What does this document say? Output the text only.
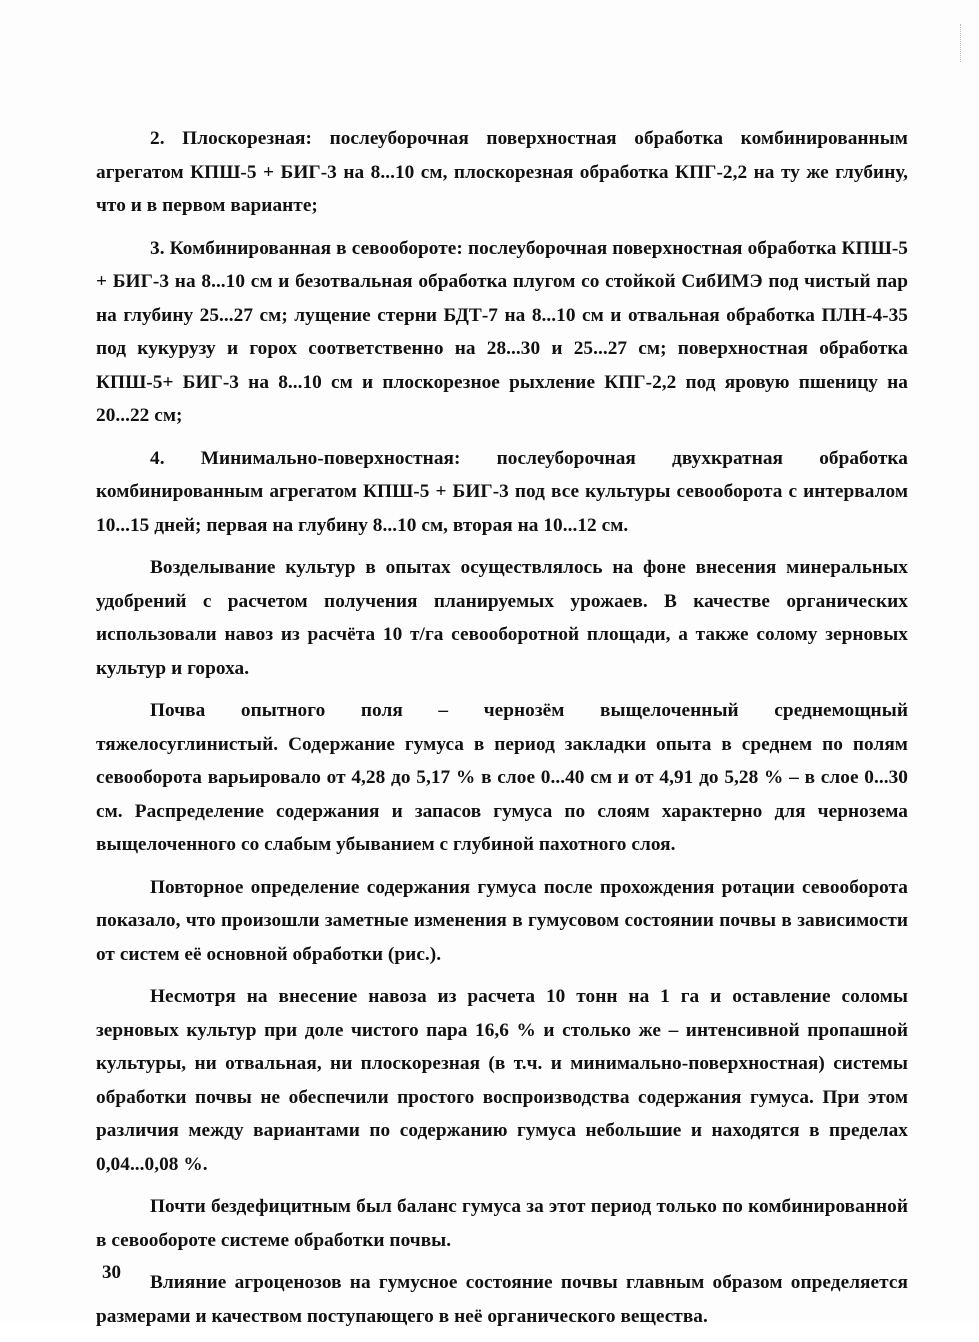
2. Плоскорезная: послеуборочная поверхностная обработка комбинированным агрегатом КПШ-5 + БИГ-3 на 8...10 см, плоскорезная обработка КПГ-2,2 на ту же глубину, что и в первом варианте;

3. Комбинированная в севообороте: послеуборочная поверхностная обработка КПШ-5 + БИГ-3 на 8...10 см и безотвальная обработка плугом со стойкой СибИМЭ под чистый пар на глубину 25...27 см; лущение стерни БДТ-7 на 8...10 см и отвальная обработка ПЛН-4-35 под кукурузу и горох соответственно на 28...30 и 25...27 см; поверхностная обработка КПШ-5+ БИГ-3 на 8...10 см и плоскорезное рыхление КПГ-2,2 под яровую пшеницу на 20...22 см;

4. Минимально-поверхностная: послеуборочная двухкратная обработка комбинированным агрегатом КПШ-5 + БИГ-3 под все культуры севооборота с интервалом 10...15 дней; первая на глубину 8...10 см, вторая на 10...12 см.

Возделывание культур в опытах осуществлялось на фоне внесения минеральных удобрений с расчетом получения планируемых урожаев. В качестве органических использовали навоз из расчёта 10 т/га севооборотной площади, а также солому зерновых культур и гороха.

Почва опытного поля – чернозём выщелоченный среднемощный тяжелосуглинистый. Содержание гумуса в период закладки опыта в среднем по полям севооборота варьировало от 4,28 до 5,17 % в слое 0...40 см и от 4,91 до 5,28 % – в слое 0...30 см. Распределение содержания и запасов гумуса по слоям характерно для чернозема выщелоченного со слабым убыванием с глубиной пахотного слоя.

Повторное определение содержания гумуса после прохождения ротации севооборота показало, что произошли заметные изменения в гумусовом состоянии почвы в зависимости от систем её основной обработки (рис.).

Несмотря на внесение навоза из расчета 10 тонн на 1 га и оставление соломы зерновых культур при доле чистого пара 16,6 % и столько же – интенсивной пропашной культуры, ни отвальная, ни плоскорезная (в т.ч. и минимально-поверхностная) системы обработки почвы не обеспечили простого воспроизводства содержания гумуса. При этом различия между вариантами по содержанию гумуса небольшие и находятся в пределах 0,04...0,08 %.

Почти бездефицитным был баланс гумуса за этот период только по комбинированной в севообороте системе обработки почвы.

Влияние агроценозов на гумусное состояние почвы главным образом определяется размерами и качеством поступающего в неё органического вещества.

30
